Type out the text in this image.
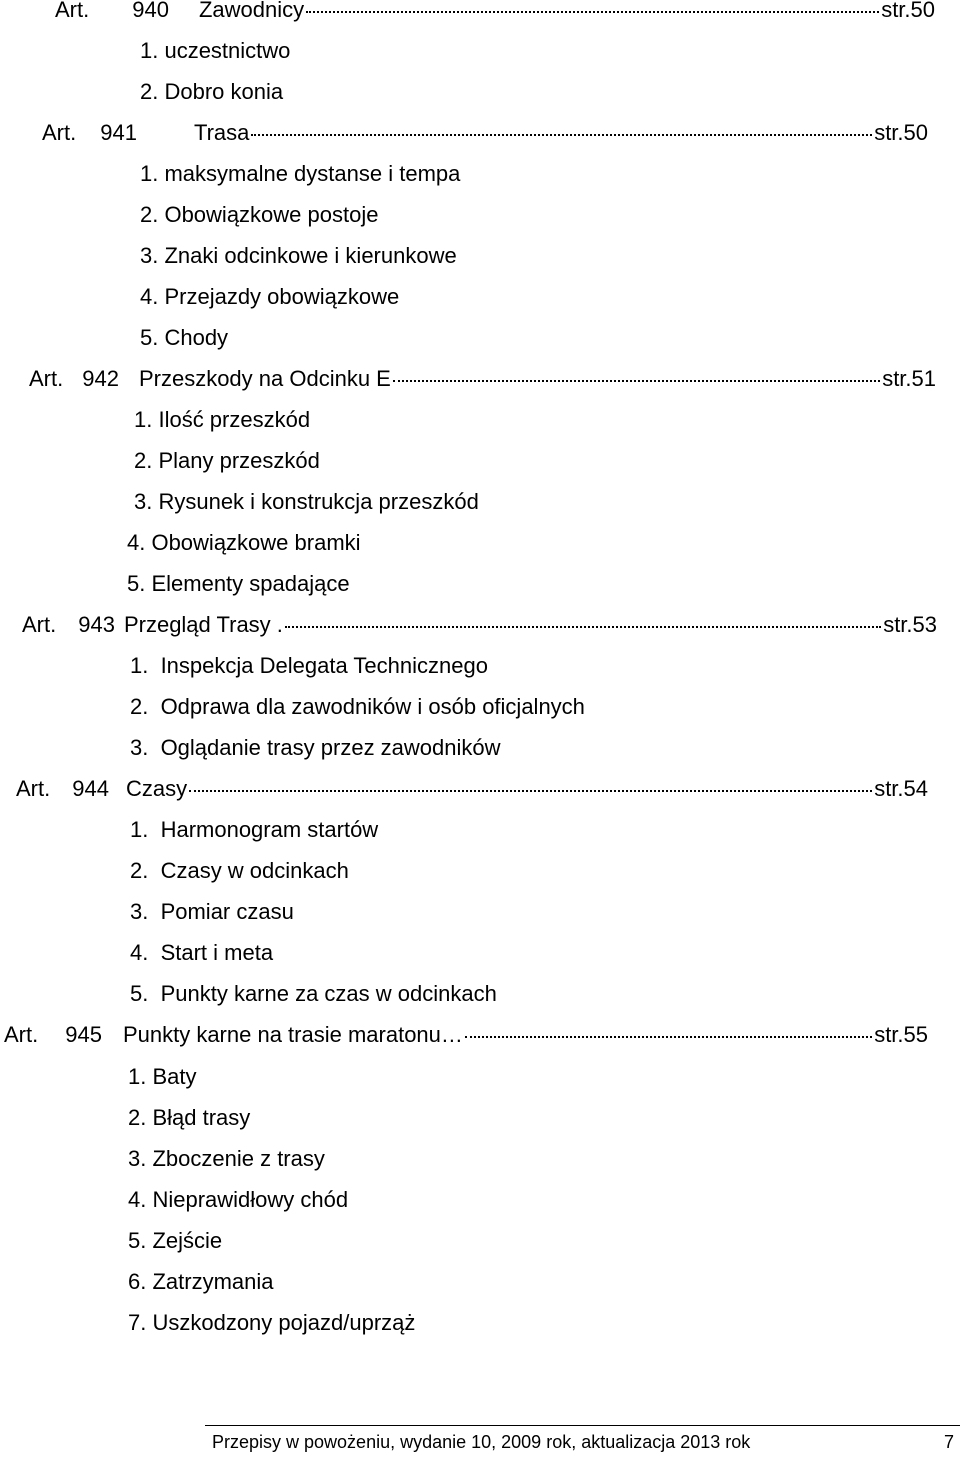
Art. 940 Zawodnicy	str.50
1. uczestnictwo
2. Dobro konia
Art. 941	Trasa	str.50
1. maksymalne dystanse i tempa
2. Obowiązkowe postoje
3. Znaki odcinkowe i kierunkowe
4. Przejazdy obowiązkowe
5. Chody
Art. 942 Przeszkody na Odcinku E	str.51
1. Ilość przeszkód
2. Plany przeszkód
3. Rysunek i konstrukcja przeszkód
4. Obowiązkowe bramki
5. Elementy spadające
Art. 943 Przegląd Trasy .	str.53
1.  Inspekcja Delegata Technicznego
2.  Odprawa dla zawodników i osób oficjalnych
3.  Oglądanie trasy przez zawodników
Art. 944 Czasy	str.54
1.  Harmonogram startów
2.  Czasy w odcinkach
3.  Pomiar czasu
4.  Start i meta
5.  Punkty karne za czas w odcinkach
Art. 945 Punkty karne na trasie maratonu…	str.55
1. Baty
2. Błąd trasy
3. Zboczenie z trasy
4. Nieprawidłowy chód
5. Zejście
6. Zatrzymania
7. Uszkodzony pojazd/uprząż
Przepisy w powożeniu, wydanie 10, 2009 rok, aktualizacja 2013 rok	7
